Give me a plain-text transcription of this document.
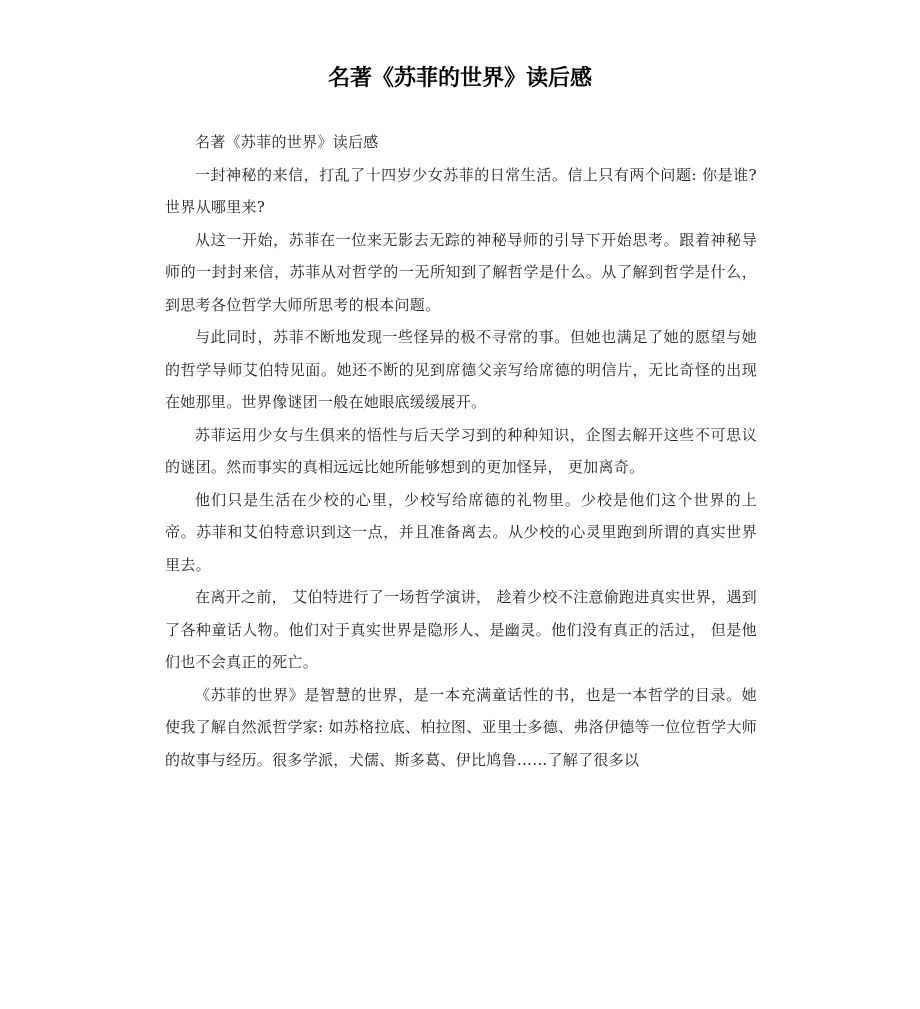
名著《苏菲的世界》读后感

名著《苏菲的世界》读后感

一封神秘的来信，打乱了十四岁少女苏菲的日常生活。信上只有两个问题: 你是谁?世界从哪里来?

从这一开始，苏菲在一位来无影去无踪的神秘导师的引导下开始思考。跟着神秘导师的一封封来信，苏菲从对哲学的一无所知到了解哲学是什么。从了解到哲学是什么， 到思考各位哲学大师所思考的根本问题。

与此同时，苏菲不断地发现一些怪异的极不寻常的事。但她也满足了她的愿望与她的哲学导师艾伯特见面。她还不断的见到席德父亲写给席德的明信片，无比奇怪的出现在她那里。世界像谜团一般在她眼底缓缓展开。

苏菲运用少女与生俱来的悟性与后天学习到的种种知识，企图去解开这些不可思议的谜团。然而事实的真相远远比她所能够想到的更加怪异， 更加离奇。

他们只是生活在少校的心里，少校写给席德的礼物里。少校是他们这个世界的上帝。苏菲和艾伯特意识到这一点，并且准备离去。从少校的心灵里跑到所谓的真实世界里去。

在离开之前， 艾伯特进行了一场哲学演讲， 趁着少校不注意偷跑进真实世界，遇到了各种童话人物。他们对于真实世界是隐形人、是幽灵。他们没有真正的活过， 但是他们也不会真正的死亡。

《苏菲的世界》是智慧的世界，是一本充满童话性的书，也是一本哲学的目录。她使我了解自然派哲学家: 如苏格拉底、柏拉图、亚里士多德、弗洛伊德等一位位哲学大师的故事与经历。很多学派，犬儒、斯多葛、伊比鸠鲁……了解了很多以
